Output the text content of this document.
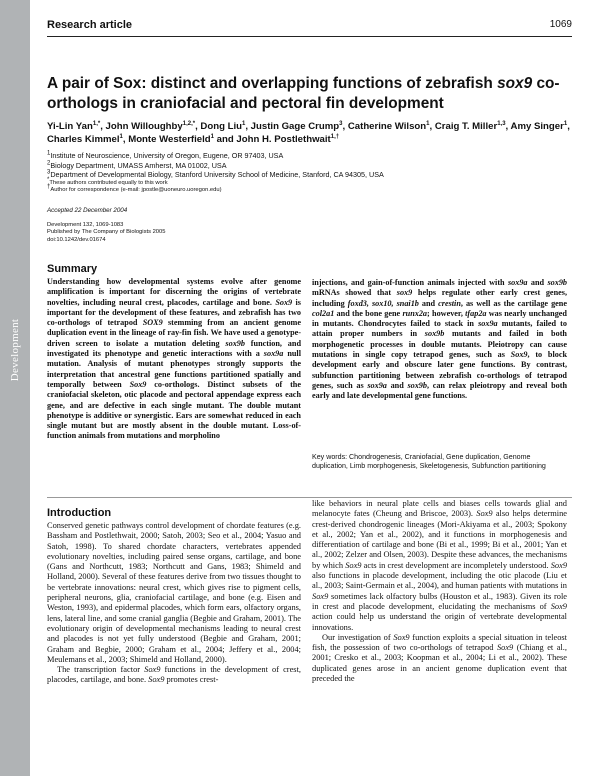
Development
Research article	1069
A pair of Sox: distinct and overlapping functions of zebrafish sox9 co-orthologs in craniofacial and pectoral fin development
Yi-Lin Yan$^{1,*}$, John Willoughby$^{1,2,*}$, Dong Liu$^1$, Justin Gage Crump$^3$, Catherine Wilson$^1$, Craig T. Miller$^{1,3}$, Amy Singer$^1$, Charles Kimmel$^1$, Monte Westerfield$^1$ and John H. Postlethwait$^{1,\dagger}$
$^1$Institute of Neuroscience, University of Oregon, Eugene, OR 97403, USA
$^2$Biology Department, UMASS Amherst, MA 01002, USA
$^3$Department of Developmental Biology, Stanford University School of Medicine, Stanford, CA 94305, USA
*These authors contributed equally to this work
†Author for correspondence (e-mail: jpostle@uoneuro.uoregon.edu)
Accepted 22 December 2004
Development 132, 1069-1083
Published by The Company of Biologists 2005
doi:10.1242/dev.01674
Summary
Understanding how developmental systems evolve after genome amplification is important for discerning the origins of vertebrate novelties, including neural crest, placodes, cartilage and bone. Sox9 is important for the development of these features, and zebrafish has two co-orthologs of tetrapod SOX9 stemming from an ancient genome duplication event in the lineage of ray-fin fish. We have used a genotype-driven screen to isolate a mutation deleting sox9b function, and investigated its phenotype and genetic interactions with a sox9a null mutation. Analysis of mutant phenotypes strongly supports the interpretation that ancestral gene functions partitioned spatially and temporally between Sox9 co-orthologs. Distinct subsets of the craniofacial skeleton, otic placode and pectoral appendage express each gene, and are defective in each single mutant. The double mutant phenotype is additive or synergistic. Ears are somewhat reduced in each single mutant but are mostly absent in the double mutant. Loss-of-function animals from mutations and morpholino
injections, and gain-of-function animals injected with sox9a and sox9b mRNAs showed that sox9 helps regulate other early crest genes, including foxd3, sox10, snai1b and crestin, as well as the cartilage gene col2a1 and the bone gene runx2a; however, tfap2a was nearly unchanged in mutants. Chondrocytes failed to stack in sox9a mutants, failed to attain proper numbers in sox9b mutants and failed in both morphogenetic processes in double mutants. Pleiotropy can cause mutations in single copy tetrapod genes, such as Sox9, to block development early and obscure later gene functions. By contrast, subfunction partitioning between zebrafish co-orthologs of tetrapod genes, such as sox9a and sox9b, can relax pleiotropy and reveal both early and late developmental gene functions.
Key words: Chondrogenesis, Craniofacial, Gene duplication, Genome duplication, Limb morphogenesis, Skeletogenesis, Subfunction partitioning
Introduction

Conserved genetic pathways control development of chordate features (e.g. Bassham and Postlethwait, 2000; Satoh, 2003; Seo et al., 2004; Yasuo and Satoh, 1998). To shared chordate characters, vertebrates appended evolutionary novelties, including paired sense organs, cartilage, and bone (Gans and Northcutt, 1983; Northcutt and Gans, 1983; Shimeld and Holland, 2000). Several of these features derive from two tissues thought to be vertebrate innovations: neural crest, which gives rise to pigment cells, peripheral neurons, glia, craniofacial cartilage, and bone (e.g. Eisen and Weston, 1993), and epidermal placodes, which form ears, olfactory organs, lens, lateral line, and some cranial ganglia (Begbie and Graham, 2001). The evolutionary origin of developmental mechanisms leading to neural crest and placodes is not yet fully understood (Begbie and Graham, 2001; Graham and Begbie, 2000; Graham et al., 2004; Jeffery et al., 2004; Meulemans et al., 2003; Shimeld and Holland, 2000).

The transcription factor Sox9 functions in the development of crest, placodes, cartilage, and bone. Sox9 promotes crest-

like behaviors in neural plate cells and biases cells towards glial and melanocyte fates (Cheung and Briscoe, 2003). Sox9 also helps determine crest-derived chondrogenic lineages (Mori-Akiyama et al., 2003; Spokony et al., 2002; Yan et al., 2002), and it functions in morphogenesis and differentiation of cartilage and bone (Bi et al., 1999; Bi et al., 2001; Yan et al., 2002; Zelzer and Olsen, 2003). Despite these advances, the mechanisms by which Sox9 acts in crest development are incompletely understood. Sox9 also functions in placode development, including the otic placode (Liu et al., 2003; Saint-Germain et al., 2004), and human patients with mutations in Sox9 sometimes lack olfactory bulbs (Houston et al., 1983). Given its role in crest and placode development, elucidating the mechanisms of Sox9 action could help us understand the origin of vertebrate developmental innovations.

Our investigation of Sox9 function exploits a special situation in teleost fish, the possession of two co-orthologs of tetrapod Sox9 (Chiang et al., 2001; Cresko et al., 2003; Koopman et al., 2004; Li et al., 2002). These duplicated genes arose in an ancient genome duplication event that preceded the
